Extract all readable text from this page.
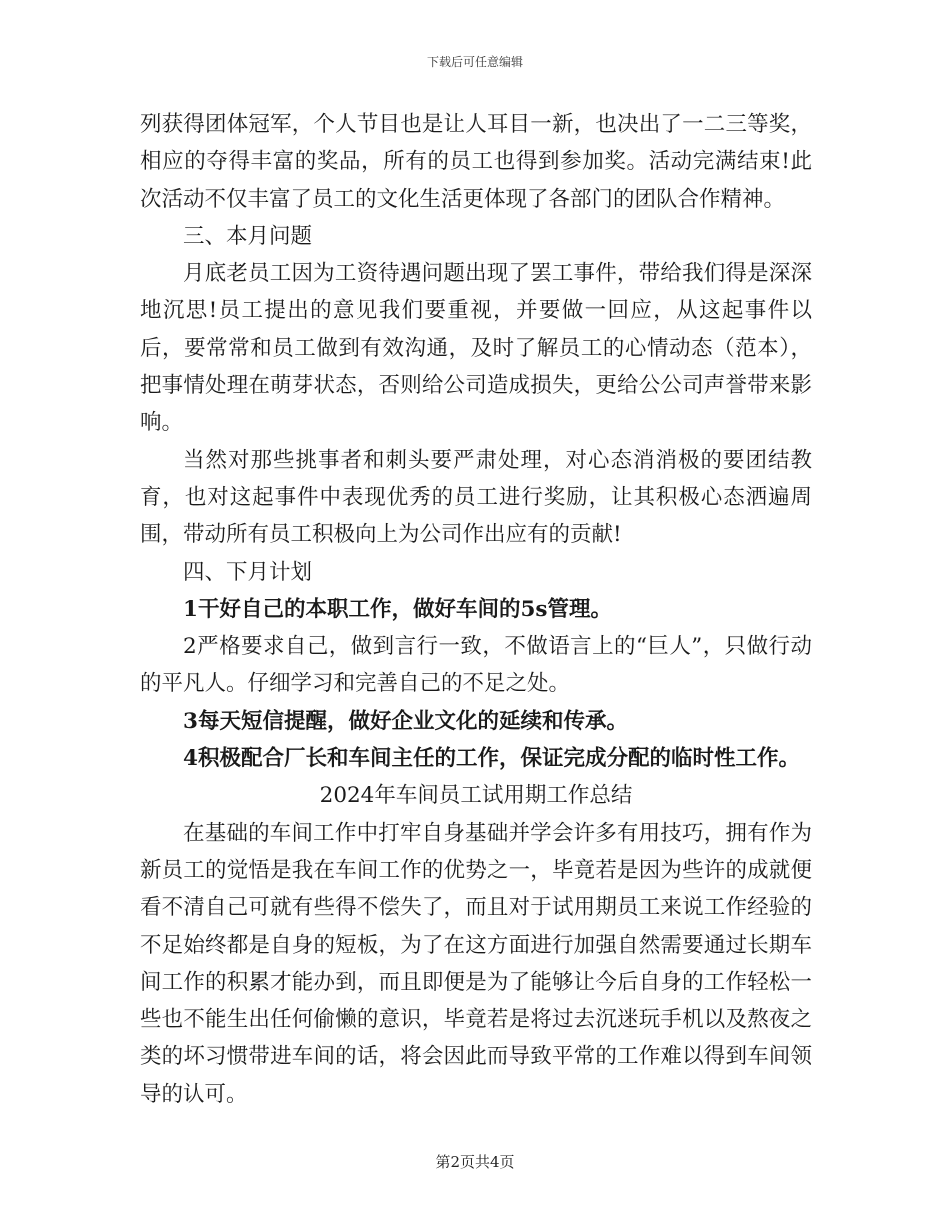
下载后可任意编辑

列获得团体冠军，个人节目也是让人耳目一新，也决出了一二三等奖，相应的夺得丰富的奖品，所有的员工也得到参加奖。活动完满结束!此次活动不仅丰富了员工的文化生活更体现了各部门的团队合作精神。

三、本月问题

月底老员工因为工资待遇问题出现了罢工事件，带给我们得是深深地沉思!员工提出的意见我们要重视，并要做一回应，从这起事件以后，要常常和员工做到有效沟通，及时了解员工的心情动态（范本），把事情处理在萌芽状态，否则给公司造成损失，更给公公司声誉带来影响。

当然对那些挑事者和刺头要严肃处理，对心态消消极的要团结教育，也对这起事件中表现优秀的员工进行奖励，让其积极心态洒遍周围，带动所有员工积极向上为公司作出应有的贡献!

四、下月计划

1干好自己的本职工作，做好车间的5s管理。

2严格要求自己，做到言行一致，不做语言上的“巨人”，只做行动的平凡人。仔细学习和完善自己的不足之处。

3每天短信提醒，做好企业文化的延续和传承。

4积极配合厂长和车间主任的工作，保证完成分配的临时性工作。

2024年车间员工试用期工作总结

在基础的车间工作中打牢自身基础并学会许多有用技巧，拥有作为新员工的觉悟是我在车间工作的优势之一，毕竟若是因为些许的成就便看不清自己可就有些得不偿失了，而且对于试用期员工来说工作经验的不足始终都是自身的短板，为了在这方面进行加强自然需要通过长期车间工作的积累才能办到，而且即便是为了能够让今后自身的工作轻松一些也不能生出任何偷懒的意识，毕竟若是将过去沉迷玩手机以及熬夜之类的坏习惯带进车间的话，将会因此而导致平常的工作难以得到车间领导的认可。

第2页共4页
